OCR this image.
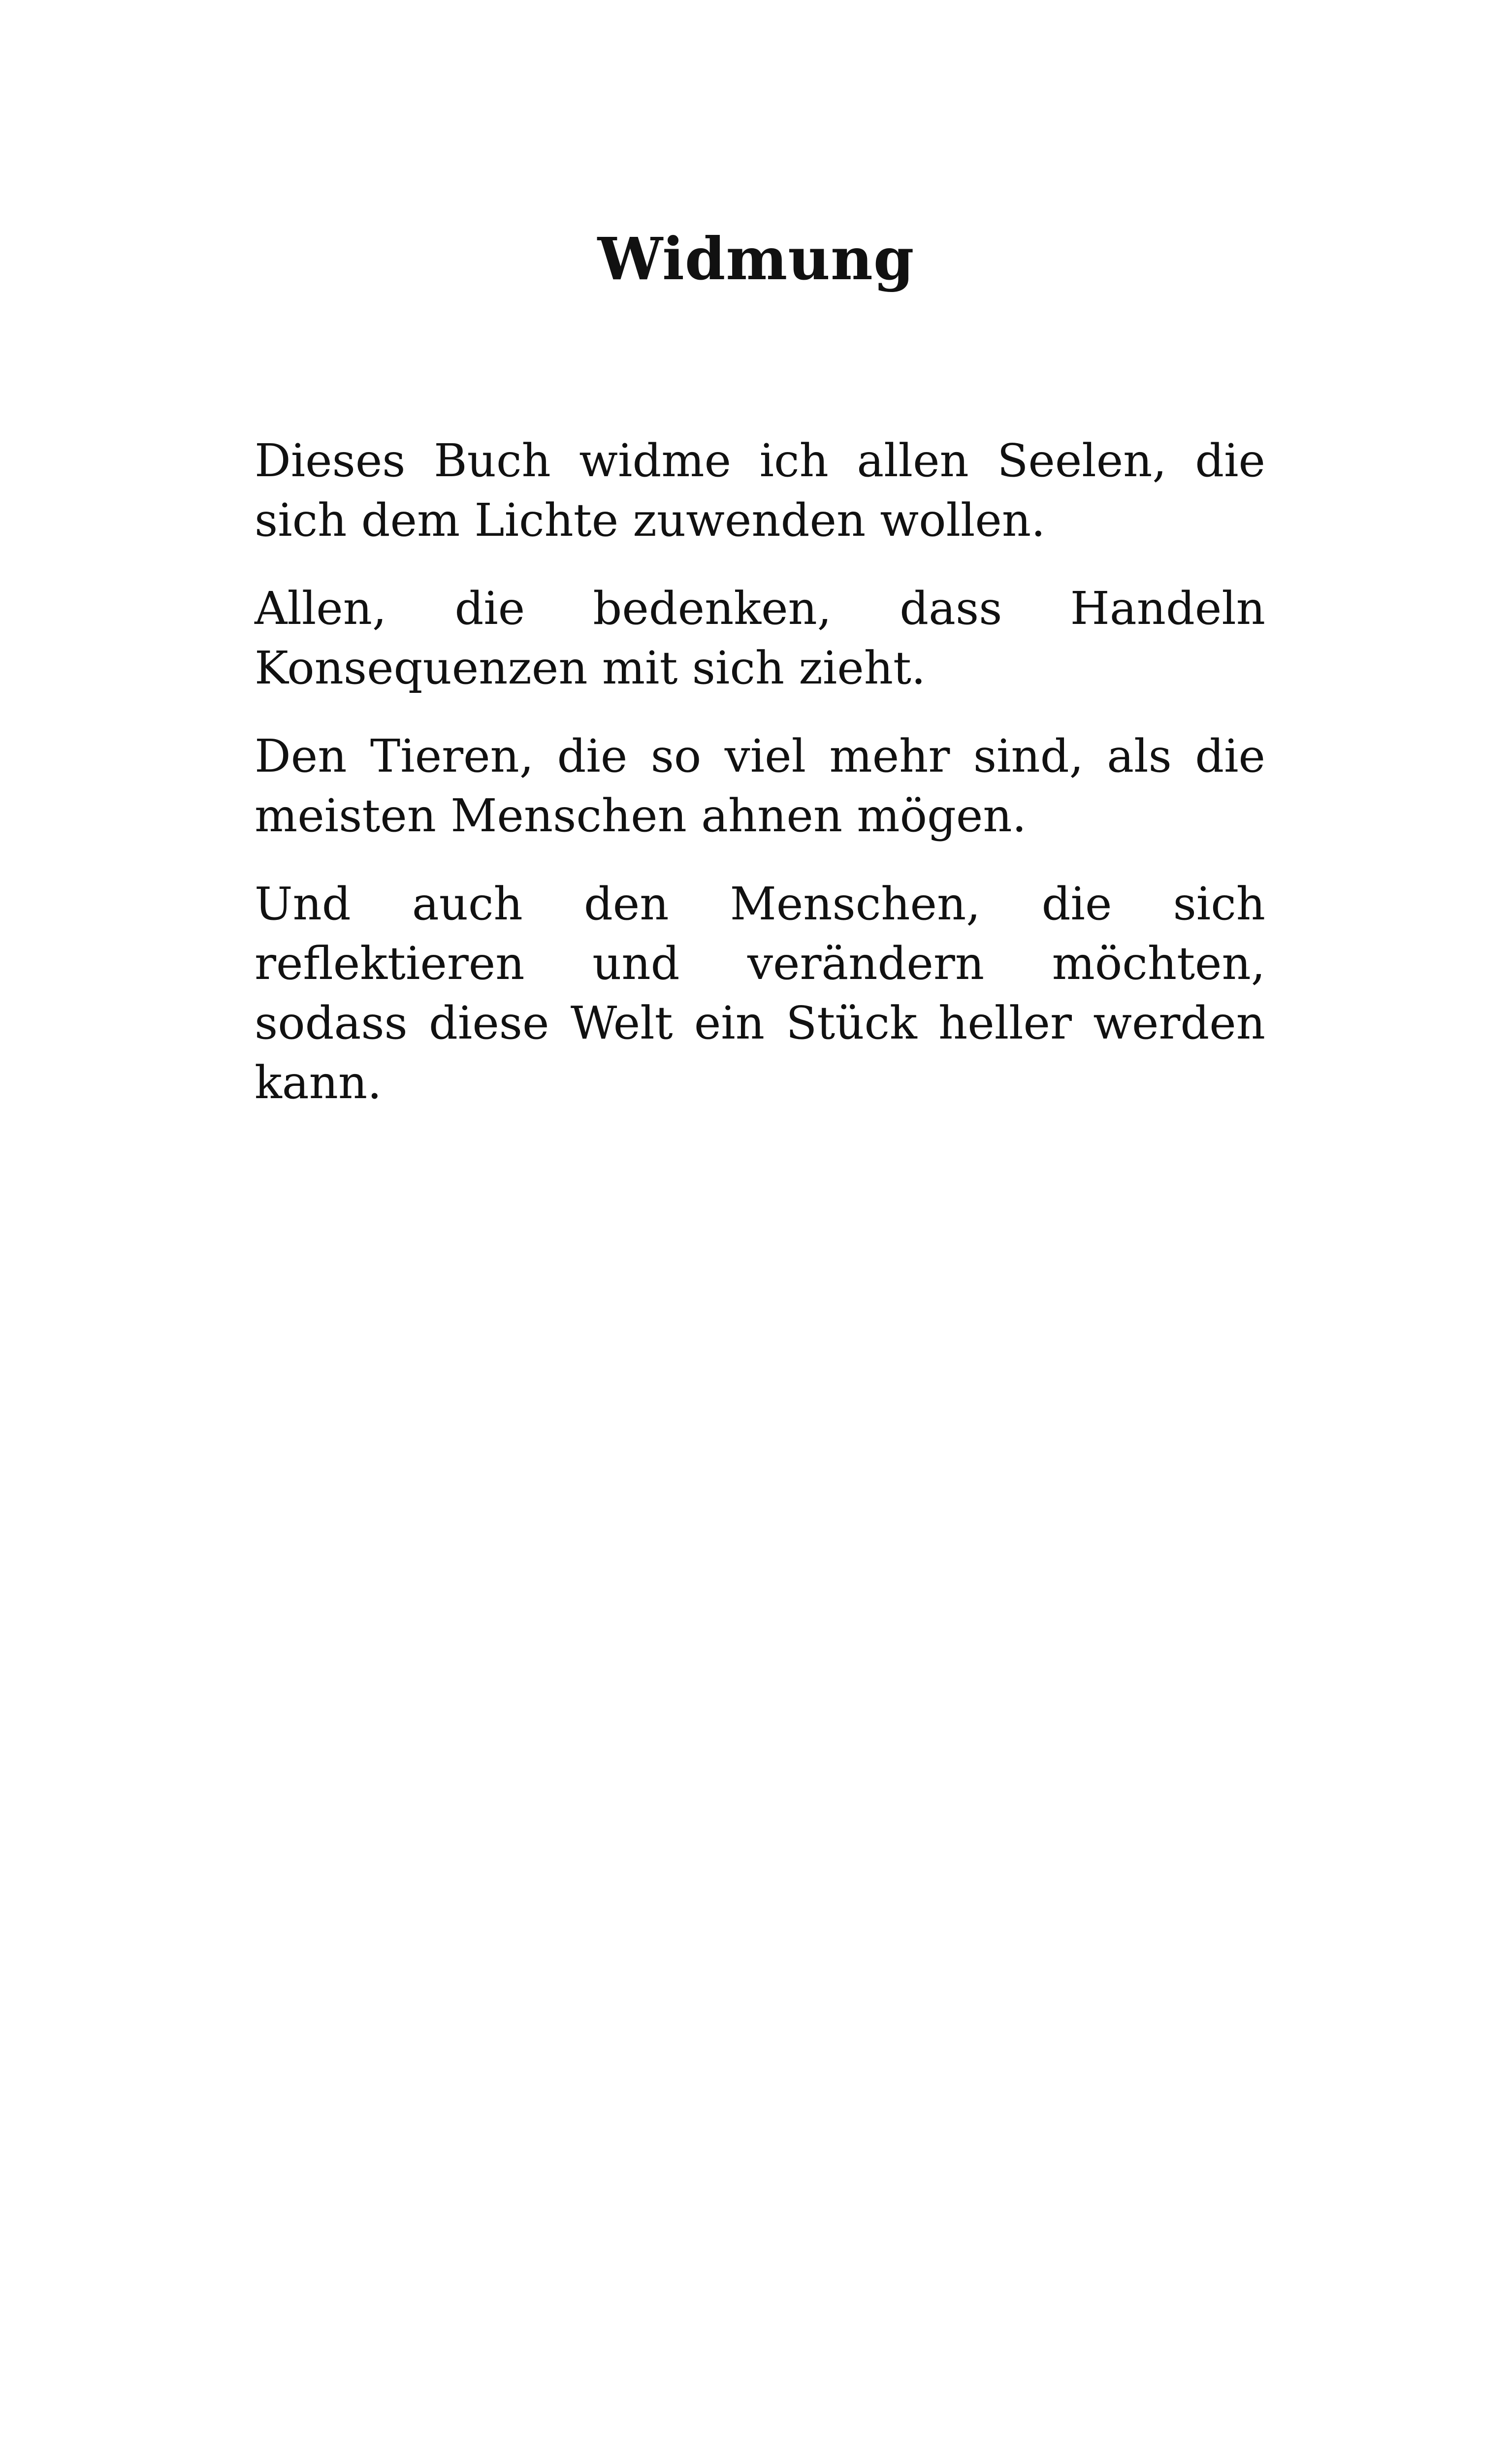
Widmung

Dieses Buch widme ich allen Seelen, die sich dem Lichte zuwenden wollen.

Allen, die bedenken, dass Handeln Konsequenzen mit sich zieht.

Den Tieren, die so viel mehr sind, als die meisten Menschen ahnen mögen.

Und auch den Menschen, die sich reflektieren und verändern möchten, sodass diese Welt ein Stück heller werden kann.
